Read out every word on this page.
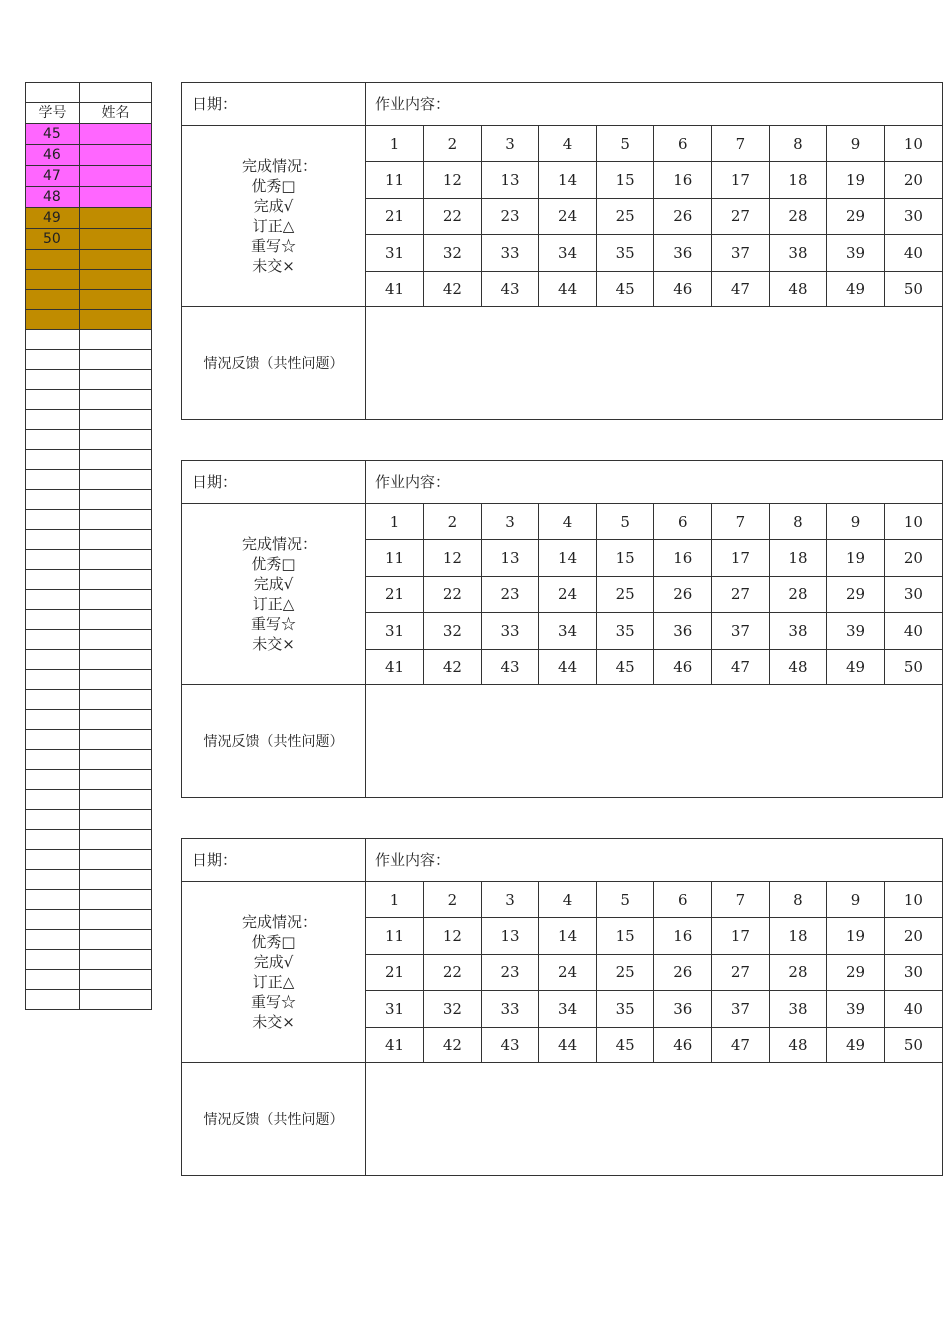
学号	姓名
45	
46	
47	
48	
49	
50	

日期：	作业内容：
完成情况：
优秀□
完成√
订正△
重写☆
未交×
1	2	3	4	5	6	7	8	9	10
11	12	13	14	15	16	17	18	19	20
21	22	23	24	25	26	27	28	29	30
31	32	33	34	35	36	37	38	39	40
41	42	43	44	45	46	47	48	49	50
情况反馈（共性问题）
日期：	作业内容：
完成情况：
优秀□
完成√
订正△
重写☆
未交×
1	2	3	4	5	6	7	8	9	10
11	12	13	14	15	16	17	18	19	20
21	22	23	24	25	26	27	28	29	30
31	32	33	34	35	36	37	38	39	40
41	42	43	44	45	46	47	48	49	50
情况反馈（共性问题）
日期：	作业内容：
完成情况：
优秀□
完成√
订正△
重写☆
未交×
1	2	3	4	5	6	7	8	9	10
11	12	13	14	15	16	17	18	19	20
21	22	23	24	25	26	27	28	29	30
31	32	33	34	35	36	37	38	39	40
41	42	43	44	45	46	47	48	49	50
情况反馈（共性问题）
